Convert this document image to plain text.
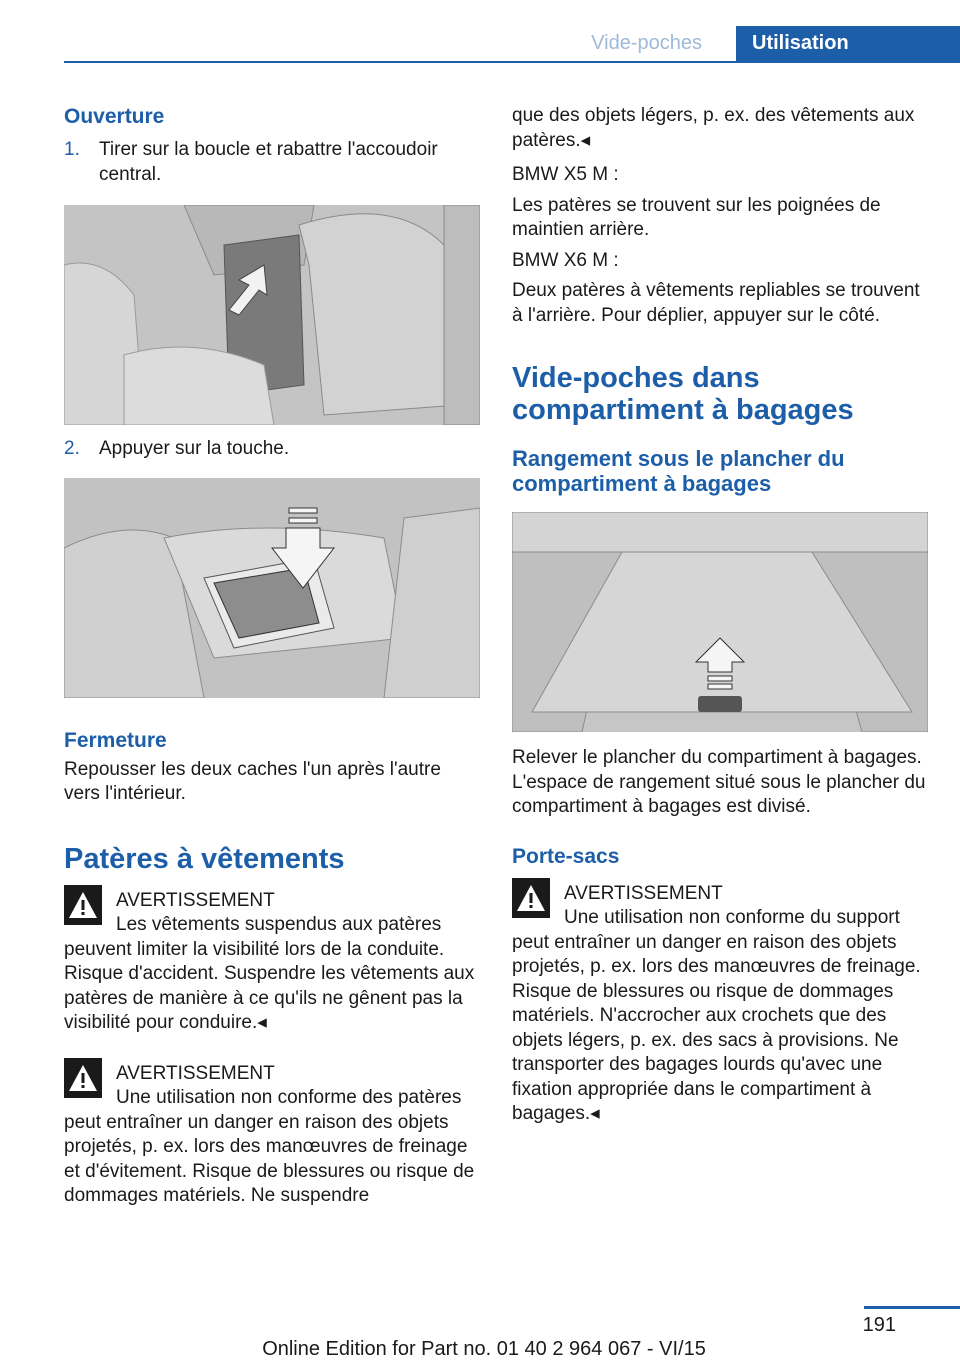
Vide-poches	Utilisation
Ouverture
1.	Tirer sur la boucle et rabattre l'accoudoir central.
2.	Appuyer sur la touche.
Fermeture

Repousser les deux caches l'un après l'autre vers l'intérieur.

Patères à vêtements
AVERTISSEMENT

Les vêtements suspendus aux patères peuvent limiter la visibilité lors de la conduite. Risque d'accident. Suspendre les vêtements aux patères de manière à ce qu'ils ne gênent pas la visibilité pour conduire.◂

AVERTISSEMENT

Une utilisation non conforme des patères peut entraîner un danger en raison des objets projetés, p. ex. lors des manœuvres de freinage et d'évitement. Risque de blessures ou risque de dommages matériels. Ne suspendre

que des objets légers, p. ex. des vêtements aux patères.◂

BMW X5 M :

Les patères se trouvent sur les poignées de maintien arrière.

BMW X6 M :

Deux patères à vêtements repliables se trouvent à l'arrière. Pour déplier, appuyer sur le côté.

Vide-poches dans compartiment à bagages
Rangement sous le plancher du compartiment à bagages

Relever le plancher du compartiment à bagages. L'espace de rangement situé sous le plancher du compartiment à bagages est divisé.

Porte-sacs
AVERTISSEMENT

Une utilisation non conforme du support peut entraîner un danger en raison des objets projetés, p. ex. lors des manœuvres de freinage. Risque de blessures ou risque de dommages matériels. N'accrocher aux crochets que des objets légers, p. ex. des sacs à provisions. Ne transporter des bagages lourds qu'avec une fixation appropriée dans le compartiment à bagages.◂

191
Online Edition for Part no. 01 40 2 964 067 - VI/15
